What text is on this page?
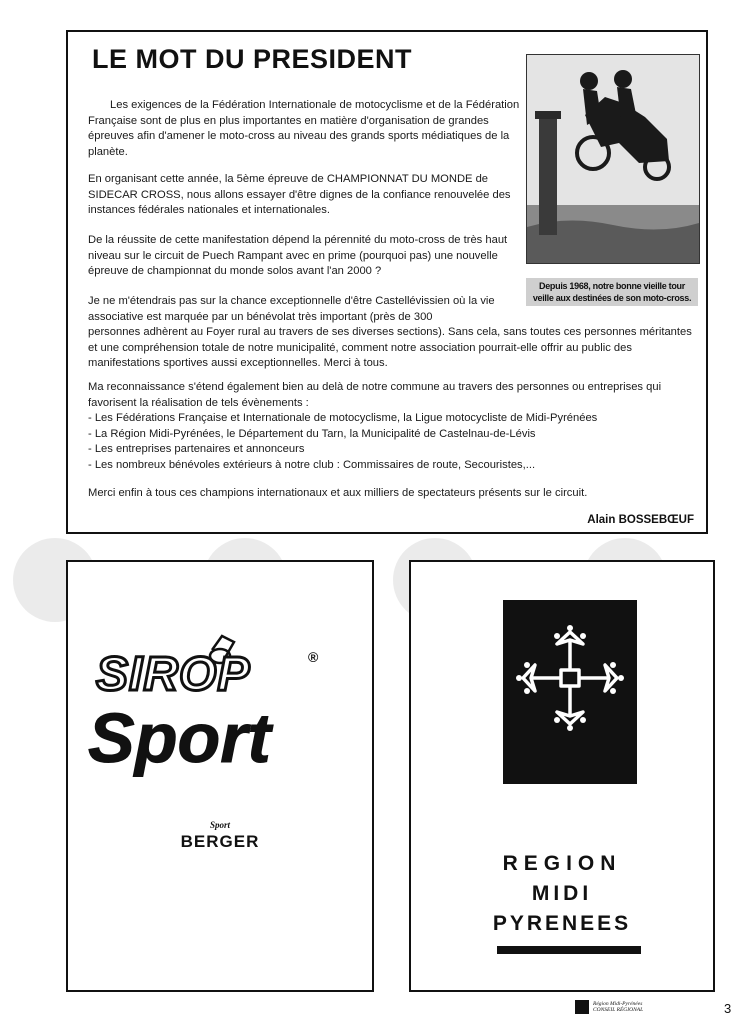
LE MOT DU PRESIDENT

Depuis 1968, notre bonne vieille tour veille aux destinées de son moto-cross.

Les exigences de la Fédération Internationale de motocyclisme et de la Fédération Française sont de plus en plus importantes en matière d'organisation de grandes épreuves afin d'amener le moto-cross au niveau des grands sports médiatiques de la planète.

En organisant cette année, la 5ème épreuve de CHAMPIONNAT DU MONDE de SIDECAR CROSS, nous allons essayer d'être dignes de la confiance renouvelée des instances fédérales nationales et internationales.

De la réussite de cette manifestation dépend la pérennité du moto-cross de très haut niveau sur le circuit de Puech Rampant avec en prime (pourquoi pas) une nouvelle épreuve de championnat du monde solos avant l'an 2000 ?

Je ne m'étendrais pas sur la chance exceptionnelle d'être Castellévissien où la vie associative est marquée par un bénévolat très important (près de 300
personnes adhèrent au Foyer rural au travers de ses diverses sections). Sans cela, sans toutes ces personnes méritantes et une compréhension totale de notre municipalité, comment notre association pourrait-elle offrir au public des manifestations sportives aussi exceptionnelles. Merci à tous.

Ma reconnaissance s'étend également bien au delà de notre commune au travers des personnes ou entreprises qui favorisent la réalisation de tels évènements :

- Les Fédérations Française et Internationale de motocyclisme, la Ligue motocycliste de Midi-Pyrénées
- La Région Midi-Pyrénées, le Département du Tarn, la Municipalité de Castelnau-de-Lévis
- Les entreprises partenaires et annonceurs
- Les nombreux bénévoles extérieurs à notre club : Commissaires de route, Secouristes,...

Merci enfin à tous ces champions internationaux et aux milliers de spectateurs présents sur le circuit.

Alain BOSSEBŒUF

SIROP	®
Sport

Sport

BERGER

REGION

MIDI

PYRENEES

Région Midi-Pyrénées
CONSEIL RÉGIONAL	3
